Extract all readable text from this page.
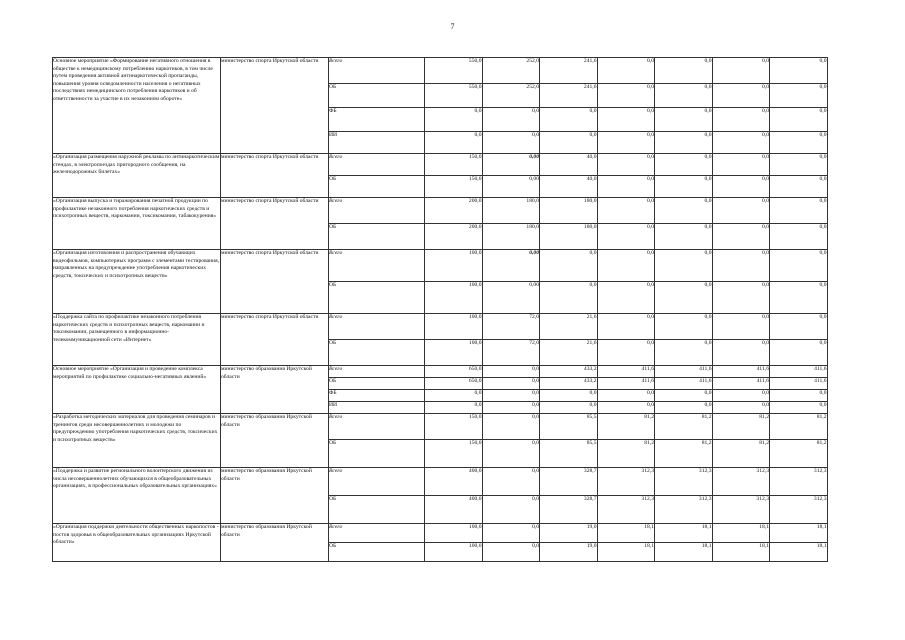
7
Основное мероприятие «Формирование негативного отношения в обществе к немедицинскому потреблению наркотиков, в том числе путем проведения активной антинаркотической пропаганды, повышения уровня осведомленности населения о негативных последствиях немедицинского потребления наркотиков и об ответственности за участие в их незаконном обороте»	министерство спорта Иркутской области	Всего	550,0	252,0	241,6	0,0	0,0	0,0	0,0
		ОБ	550,0	252,0	241,6	0,0	0,0	0,0	0,0
		ФБ	0,0	0,0	0,0	0,0	0,0	0,0	0,0
		ИИ	0,0	0,0	0,0	0,0	0,0	0,0	0,0
«Организация размещения наружной рекламы по антинаркотическим стендах, в электропоездах пригородного сообщения, на железнодорожных билетах»	министерство спорта Иркутской области	Всего	150,0	0,00	40,0	0,0	0,0	0,0	0,0
		ОБ	150,0	0,00	40,0	0,0	0,0	0,0	0,0
«Организация выпуска и тиражирования печатной продукции по профилактике незаконного потребления наркотических средств и психотропных веществ, наркомании, токсикомании, табакокурения»	министерство спорта Иркутской области	Всего	200,0	180,0	180,0	0,0	0,0	0,0	0,0
		ОБ	200,0	180,0	180,0	0,0	0,0	0,0	0,0
«Организация изготовления и распространения обучающих видеофильмов, компьютерных программ с элементами тестирования, направленных на предупреждение употребления наркотических средств, токсических и психотропных веществ»	министерство спорта Иркутской области	Всего	100,0	0,00	0,0	0,0	0,0	0,0	0,0
		ОБ	100,0	0,00	0,0	0,0	0,0	0,0	0,0
«Поддержка сайта по профилактике незаконного потребления наркотических средств и психотропных веществ, наркомании и токсикомании, размещенного в информационно-телекоммуникационной сети «Интернет»	министерство спорта Иркутской области	Всего	100,0	72,0	21,6	0,0	0,0	0,0	0,0
		ОБ	100,0	72,0	21,6	0,0	0,0	0,0	0,0
Основное мероприятие «Организация и проведение комплекса мероприятий по профилактике социально-негативных явлений»	министерство образования Иркутской области	Всего	650,0	0,0	433,2	411,6	411,6	411,6	411,6
		ОБ	650,0	0,0	433,2	411,6	411,6	411,6	411,6
		ФБ	0,0	0,0	0,0	0,0	0,0	0,0	0,0
		ИИ	0,0	0,0	0,0	0,0	0,0	0,0	0,0
«Разработка методических материалов для проведения семинаров и тренингов среди несовершеннолетних и молодежи по предупреждению употребления наркотических средств, токсических и психотропных веществ»	министерство образования Иркутской области	Всего	150,0	0,0	85,5	81,2	81,2	81,2	81,2
		ОБ	150,0	0,0	85,5	81,2	81,2	81,2	81,2
«Поддержка и развитие регионального волонтерского движения из числа несовершеннолетних обучающихся в общеобразовательных организациях, в профессиональных образовательных организациях»	министерство образования Иркутской области	Всего	400,0	0,0	328,7	312,3	312,3	312,3	312,3
		ОБ	400,0	0,0	328,7	312,3	312,3	312,3	312,3
«Организация поддержки деятельности общественных наркопостов - постов здоровья в общеобразовательных организациях Иркутской области»	министерство образования Иркутской области	Всего	100,0	0,0	19,0	18,1	18,1	18,1	18,1
		ОБ	100,0	0,0	19,0	18,1	18,1	18,1	18,1
